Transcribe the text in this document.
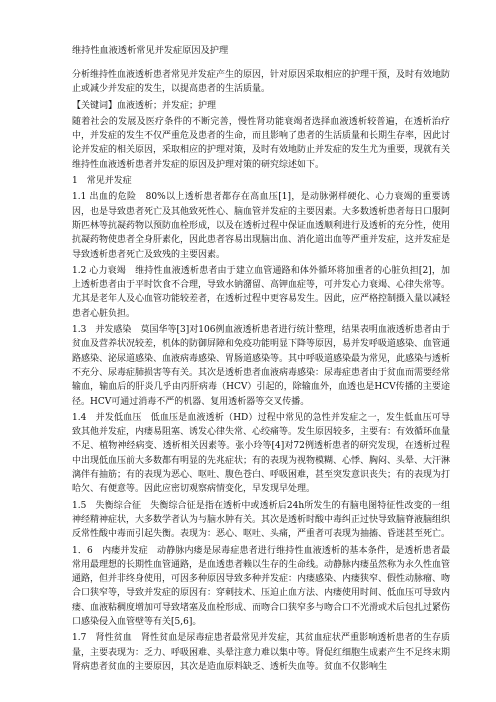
维持性血液透析常见并发症原因及护理
分析维持性血液透析患者常见并发症产生的原因，针对原因采取相应的护理干预，及时有效地防止或减少并发症的发生，以提高患者的生活质量。
【关键词】血液透析；并发症；护理
随着社会的发展及医疗条件的不断完善，慢性肾功能衰竭者选择血液透析较普遍，在透析治疗中，并发症的发生不仅严重危及患者的生命，而且影响了患者的生活质量和长期生存率，因此讨论并发症的相关原因，采取相应的护理对策，及时有效地防止并发症的发生尤为重要，现就有关维持性血液透析患者并发症的原因及护理对策的研究综述如下。
1　常见并发症
1.1 出血的危险　80%以上透析患者都存在高血压[1]，是动脉粥样硬化、心力衰竭的重要诱因，也是导致患者死亡及其他致死性心、脑血管并发症的主要因素。大多数透析患者每日口服阿斯匹林等抗凝药物以预防血栓形成，以及在透析过程中保证血透顺利进行及透析的充分性，使用抗凝药物使患者全身肝素化，因此患者容易出现脑出血、消化道出血等严重并发症，这并发症是导致透析患者死亡及致残的主要因素。
1.2 心力衰竭　维持性血液透析患者由于建立血管通路和体外循环将加重者的心脏负担[2]，加上透析患者由于平时饮食不合理，导致水钠潴留、高钾血症等，可并发心力衰竭、心律失常等。尤其是老年人及心血管功能较差者，在透析过程中更容易发生。因此，应严格控制摄入量以减轻患者心脏负担。
1.3　并发感染　莫国华等[3]对106例血液透析患者进行统计整理，结果表明血液透析患者由于贫血及营养状况较差，机体的防御屏障和免疫功能明显下降等原因，易并发呼吸道感染、血管通路感染、泌尿道感染、血液病毒感染、胃肠道感染等。其中呼吸道感染最为常见，此感染与透析不充分、尿毒症肺损害等有关。其次是透析患者血液病毒感染：尿毒症患者由于贫血而需要经常输血，输血后的肝炎几乎由丙肝病毒（HCV）引起的，除输血外，血透也是HCV传播的主要途径。HCV可通过消毒不严的机器、复用透析器等交叉传播。
1.4　并发低血压　低血压是血液透析（HD）过程中常见的急性并发症之一，发生低血压可导致其他并发症，内瘘易阻塞、诱发心律失常、心绞痛等。发生原因较多，主要有：有效循环血量不足、植物神经病变、透析相关因素等。张小玲等[4]对72例透析患者的研究发现，在透析过程中出现低血压前大多数都有明显的先兆症状；有的表现为视物模糊、心悸、胸闷、头晕、大汗淋漓伴有抽筋；有的表现为恶心、呕吐、腹色苍白、呼吸困难，甚至突发意识丧失；有的表现为打哈欠、有便意等。因此应密切观察病情变化，早发现早处理。
1.5　失衡综合征　失衡综合征是指在透析中或透析后24h所发生的有脑电图特征性改变的一组神经精神症状，大多数学者认为与脑水肿有关。其次是透析时酸中毒纠正过快导致脑脊液脑组织反常性酸中毒而引起失衡。表现为：恶心、呕吐、头痛，严重者可表现为抽搐、昏迷甚至死亡。
1．6　内瘘并发症　动静脉内瘘是尿毒症患者进行维持性血液透析的基本条件，是透析患者最常用最理想的长期性血管通路，是血透患者赖以生存的生命线。动静脉内瘘虽然称为永久性血管通路，但并非终身使用，可因多种原因导致多种并发症：内瘘感染、内瘘狭窄、假性动脉瘤、吻合口狭窄等，导致并发症的原因有：穿刺技术、压迫止血方法、内瘘使用时间、低血压可导致内瘘、血液粘稠度增加可导致堵塞及血栓形成、而吻合口狭窄多与吻合口不光滑或术后包扎过紧伤口感染侵入血管壁等有关[5,6]。
1.7　肾性贫血　肾性贫血是尿毒症患者最常见并发症，其贫血症状严重影响透析患者的生存质量，主要表现为：乏力、呼吸困难、头晕注意力难以集中等。肾促红细胞生成素产生不足终末期肾病患者贫血的主要原因，其次是造血原料缺乏、透析失血等。贫血不仅影响生
